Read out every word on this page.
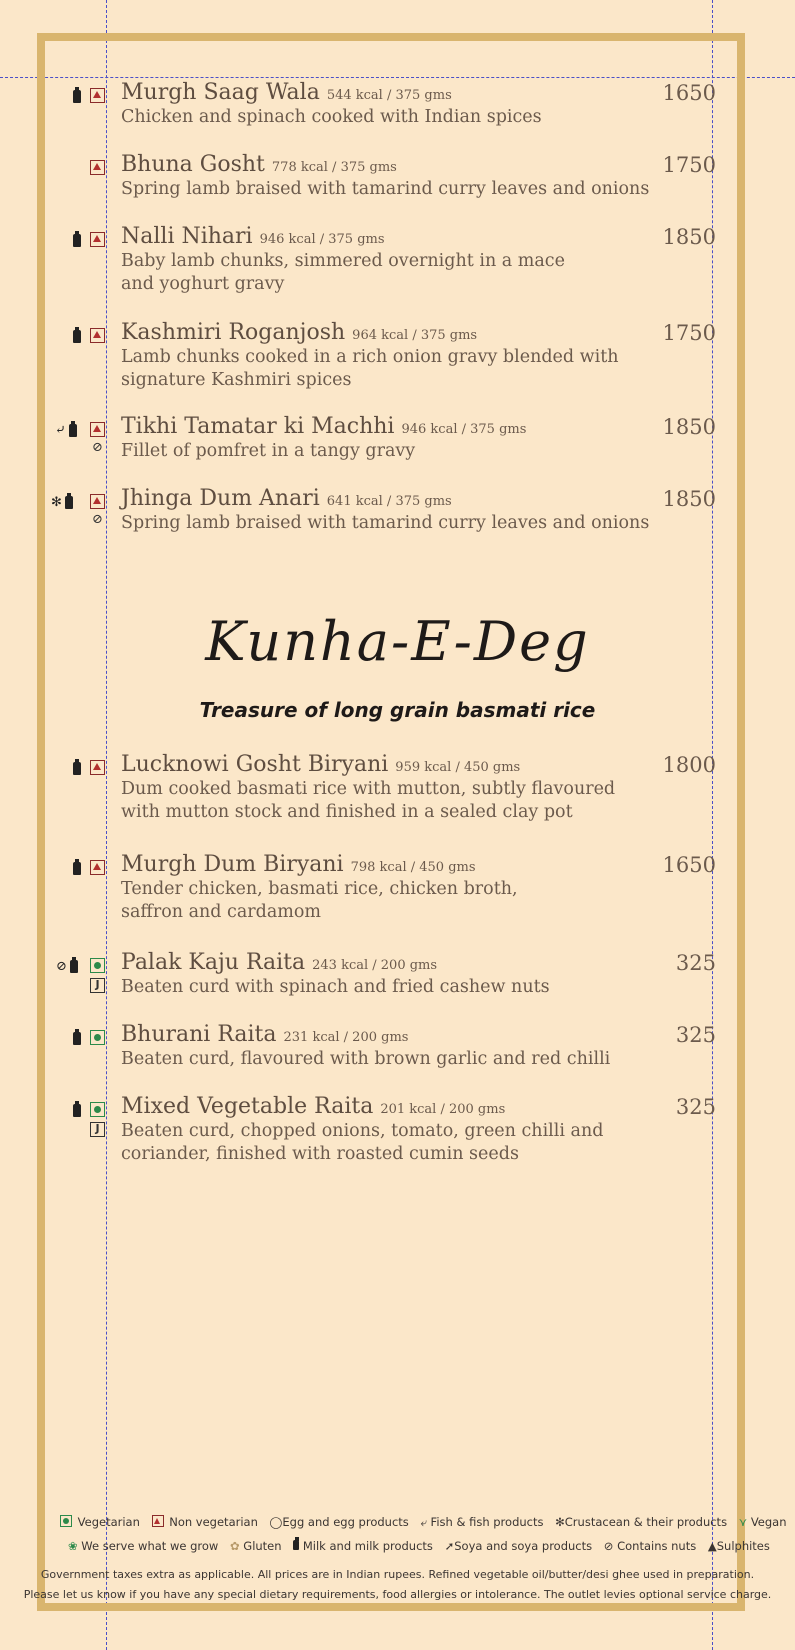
Murgh Saag Wala 544 kcal / 375 gms	1650
Chicken and spinach cooked with Indian spices
Bhuna Gosht 778 kcal / 375 gms	1750
Spring lamb braised with tamarind curry leaves and onions
Nalli Nihari 946 kcal / 375 gms	1850
Baby lamb chunks, simmered overnight in a mace
and yoghurt gravy
Kashmiri Roganjosh 964 kcal / 375 gms	1750
Lamb chunks cooked in a rich onion gravy blended with
signature Kashmiri spices
⤶
⊘
Tikhi Tamatar ki Machhi 946 kcal / 375 gms	1850
Fillet of pomfret in a tangy gravy
✻
⊘
Jhinga Dum Anari 641 kcal / 375 gms	1850
Spring lamb braised with tamarind curry leaves and onions
Kunha-E-Deg
Treasure of long grain basmati rice
Lucknowi Gosht Biryani 959 kcal / 450 gms	1800
Dum cooked basmati rice with mutton, subtly flavoured
with mutton stock and finished in a sealed clay pot
Murgh Dum Biryani 798 kcal / 450 gms	1650
Tender chicken, basmati rice, chicken broth,
saffron and cardamom
⊘
J
Palak Kaju Raita 243 kcal / 200 gms	325
Beaten curd with spinach and fried cashew nuts
Bhurani Raita 231 kcal / 200 gms	325
Beaten curd, flavoured with brown garlic and red chilli
J
Mixed Vegetable Raita 201 kcal / 200 gms	325
Beaten curd, chopped onions, tomato, green chilli and
coriander, finished with roasted cumin seeds
Vegetarian	Non vegetarian ◯Egg and egg products ⤶ Fish & fish products ✻Crustacean & their products ⋎ Vegan
❀ We serve what we grow ✿ Gluten Milk and milk products ➚Soya and soya products ⊘ Contains nuts ▲Sulphites
Government taxes extra as applicable. All prices are in Indian rupees. Refined vegetable oil/butter/desi ghee used in preparation.
Please let us know if you have any special dietary requirements, food allergies or intolerance. The outlet levies optional service charge.
